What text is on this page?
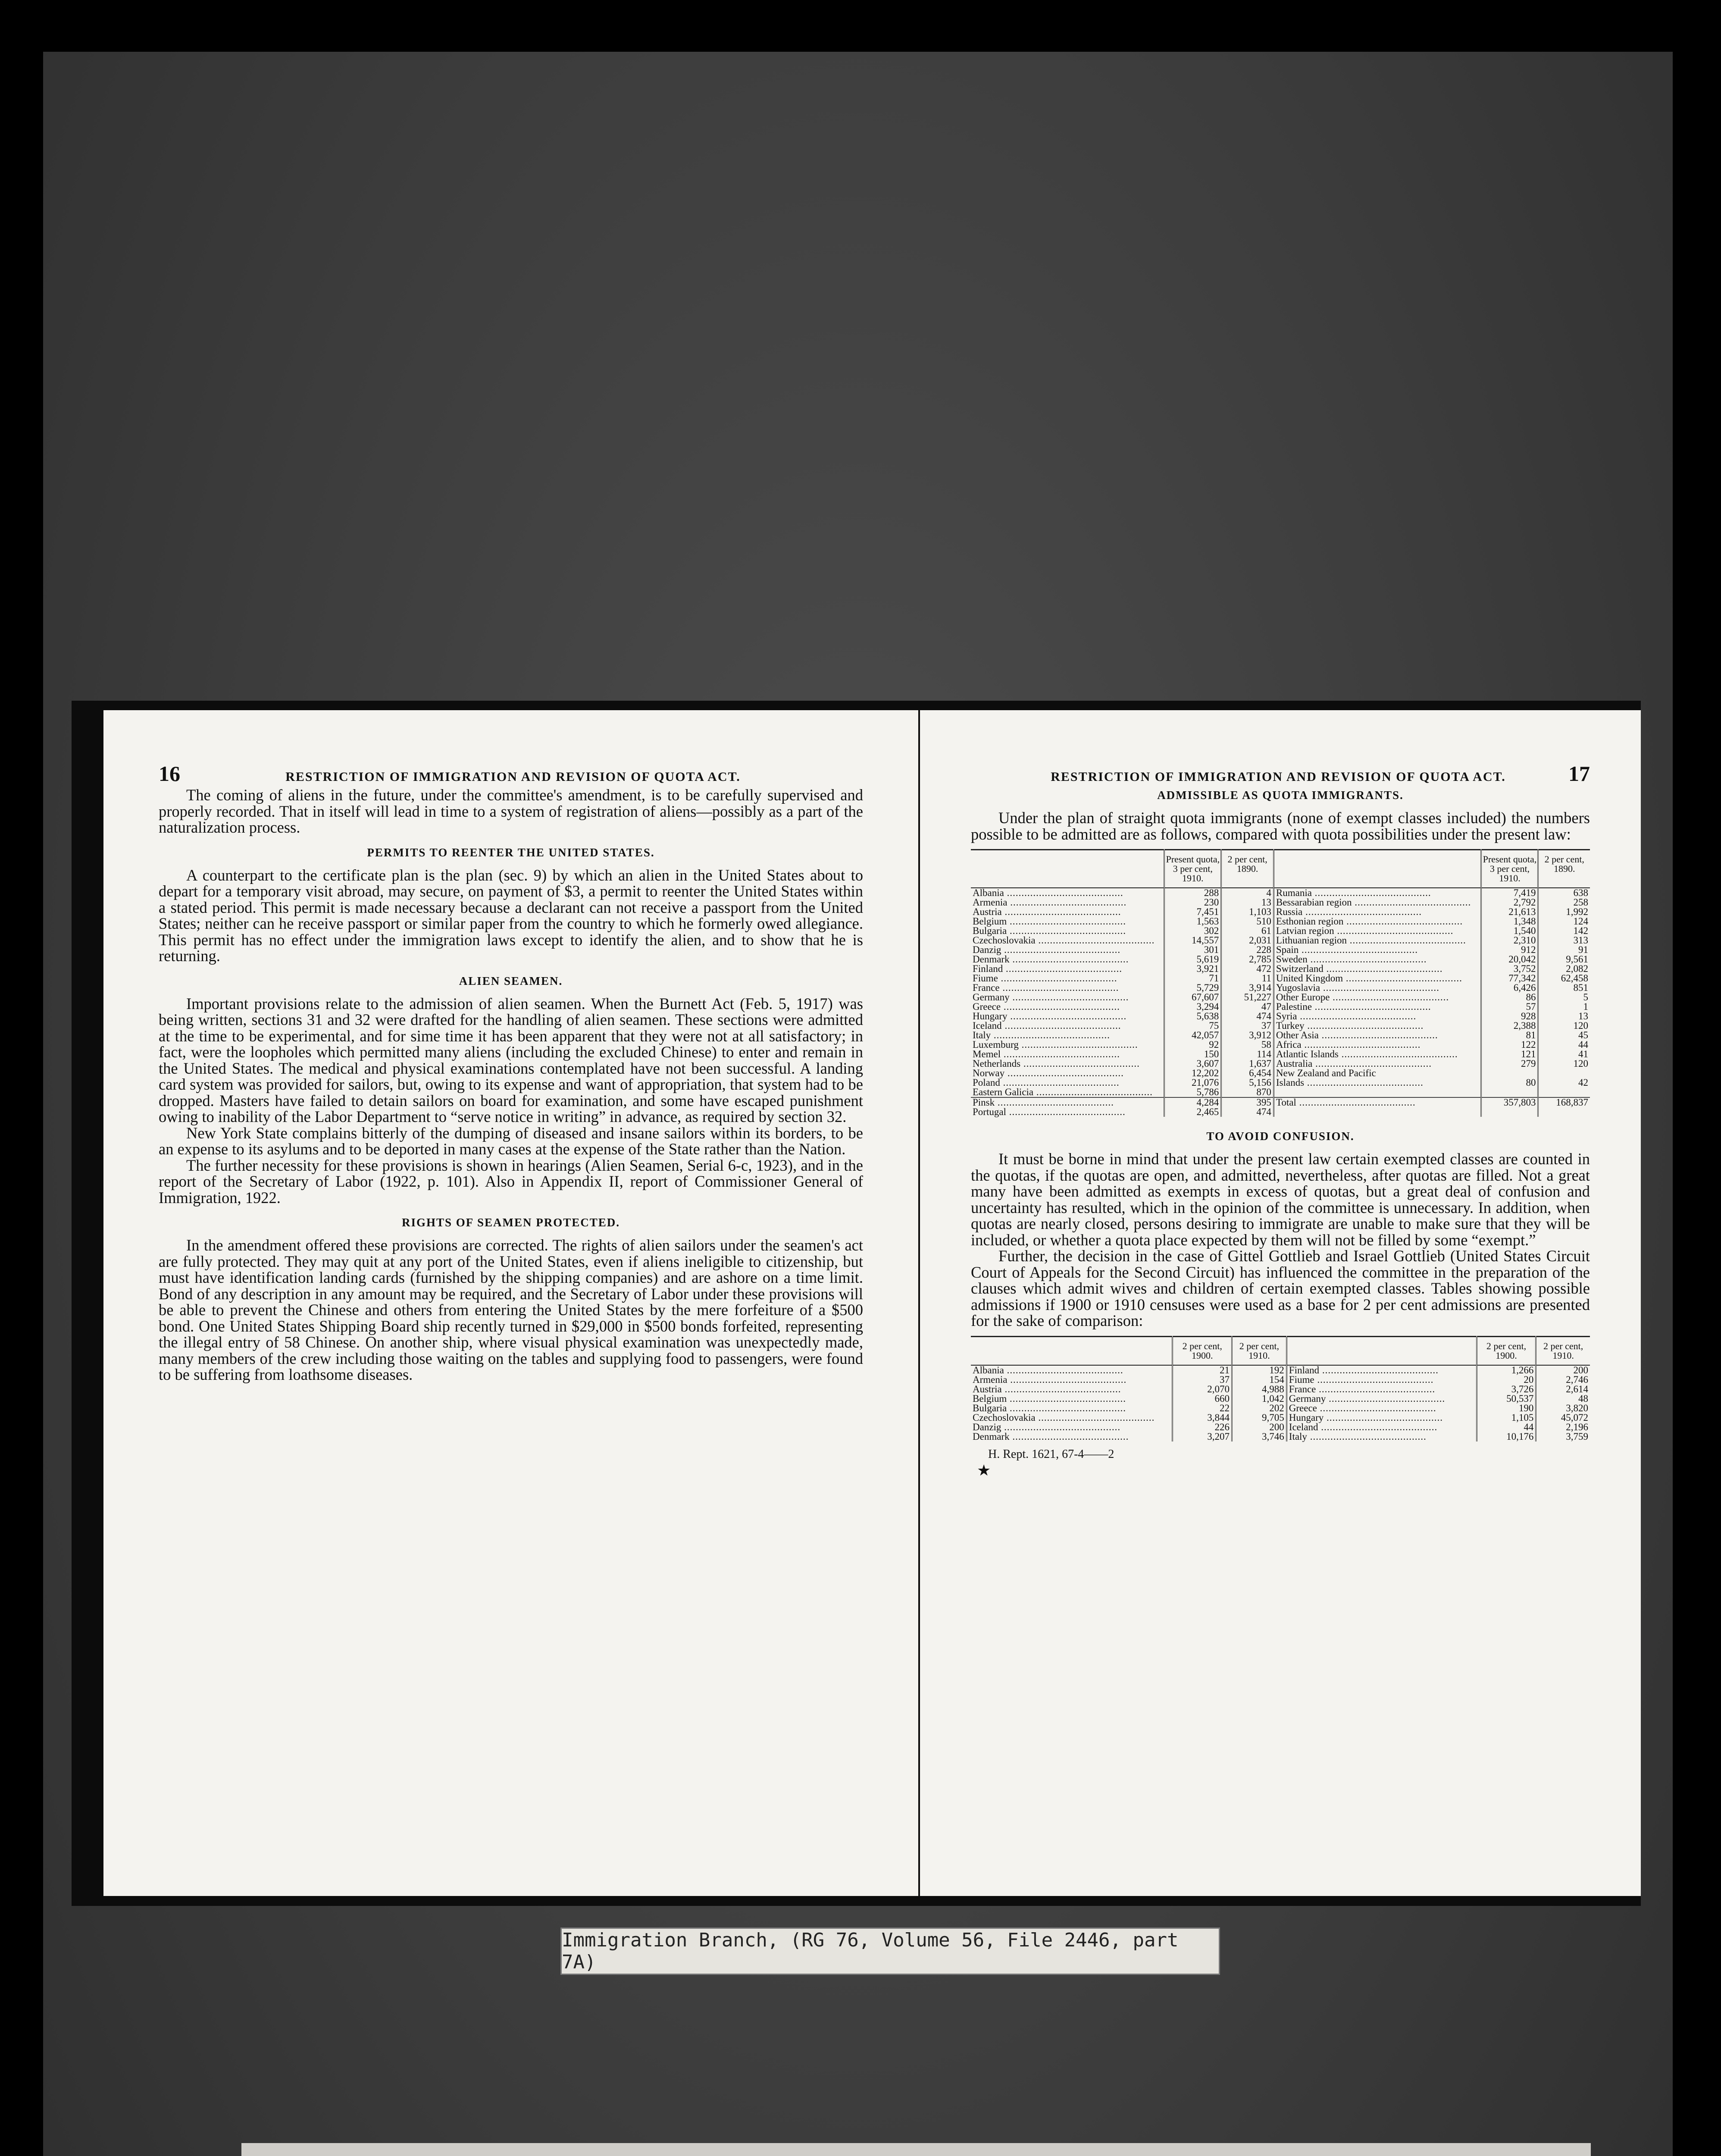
16	RESTRICTION OF IMMIGRATION AND REVISION OF QUOTA ACT.

The coming of aliens in the future, under the committee's amendment, is to be carefully supervised and properly recorded. That in itself will lead in time to a system of registration of aliens—possibly as a part of the naturalization process.

PERMITS TO REENTER THE UNITED STATES.

A counterpart to the certificate plan is the plan (sec. 9) by which an alien in the United States about to depart for a temporary visit abroad, may secure, on payment of $3, a permit to reenter the United States within a stated period. This permit is made necessary because a declarant can not receive a passport from the United States; neither can he receive passport or similar paper from the country to which he formerly owed allegiance. This permit has no effect under the immigration laws except to identify the alien, and to show that he is returning.

ALIEN SEAMEN.

Important provisions relate to the admission of alien seamen. When the Burnett Act (Feb. 5, 1917) was being written, sections 31 and 32 were drafted for the handling of alien seamen. These sections were admitted at the time to be experimental, and for sime time it has been apparent that they were not at all satisfactory; in fact, were the loopholes which permitted many aliens (including the excluded Chinese) to enter and remain in the United States. The medical and physical examinations contemplated have not been successful. A landing card system was provided for sailors, but, owing to its expense and want of appropriation, that system had to be dropped. Masters have failed to detain sailors on board for examination, and some have escaped punishment owing to inability of the Labor Department to “serve notice in writing” in advance, as required by section 32.

New York State complains bitterly of the dumping of diseased and insane sailors within its borders, to be an expense to its asylums and to be deported in many cases at the expense of the State rather than the Nation.

The further necessity for these provisions is shown in hearings (Alien Seamen, Serial 6-c, 1923), and in the report of the Secretary of Labor (1922, p. 101). Also in Appendix II, report of Commissioner General of Immigration, 1922.

RIGHTS OF SEAMEN PROTECTED.

In the amendment offered these provisions are corrected. The rights of alien sailors under the seamen's act are fully protected. They may quit at any port of the United States, even if aliens ineligible to citizenship, but must have identification landing cards (furnished by the shipping companies) and are ashore on a time limit. Bond of any description in any amount may be required, and the Secretary of Labor under these provisions will be able to prevent the Chinese and others from entering the United States by the mere forfeiture of a $500 bond. One United States Shipping Board ship recently turned in $29,000 in $500 bonds forfeited, representing the illegal entry of 58 Chinese. On another ship, where visual physical examination was unexpectedly made, many members of the crew including those waiting on the tables and supplying food to passengers, were found to be suffering from loathsome diseases.

RESTRICTION OF IMMIGRATION AND REVISION OF QUOTA ACT.	17
ADMISSIBLE AS QUOTA IMMIGRANTS.

Under the plan of straight quota immigrants (none of exempt classes included) the numbers possible to be admitted are as follows, compared with quota possibilities under the present law:

	Present quota, 3 per cent, 1910.	2 per cent, 1890.		Present quota, 3 per cent, 1910.	2 per cent, 1890.
Albania .....	288	4	Rumania .....	7,419	638
Armenia .....	230	13	Bessarabian region .....	2,792	258
Austria .....	7,451	1,103	Russia .....	21,613	1,992
Belgium .....	1,563	510	Esthonian region .....	1,348	124
Bulgaria .....	302	61	Latvian region .....	1,540	142
Czechoslovakia .....	14,557	2,031	Lithuanian region .....	2,310	313
Danzig .....	301	228	Spain .....	912	91
Denmark .....	5,619	2,785	Sweden .....	20,042	9,561
Finland .....	3,921	472	Switzerland .....	3,752	2,082
Fiume .....	71	11	United Kingdom .....	77,342	62,458
France .....	5,729	3,914	Yugoslavia .....	6,426	851
Germany .....	67,607	51,227	Other Europe .....	86	5
Greece .....	3,294	47	Palestine .....	57	1
Hungary .....	5,638	474	Syria .....	928	13
Iceland .....	75	37	Turkey .....	2,388	120
Italy .....	42,057	3,912	Other Asia .....	81	45
Luxemburg .....	92	58	Africa .....	122	44
Memel .....	150	114	Atlantic Islands .....	121	41
Netherlands .....	3,607	1,637	Australia .....	279	120
Norway .....	12,202	6,454	New Zealand and Pacific		
Poland .....	21,076	5,156	Islands .....	80	42
Eastern Galicia .....	5,786	870			
Pinsk .....	4,284	395	Total .....	357,803	168,837
Portugal .....	2,465	474			
TO AVOID CONFUSION.

It must be borne in mind that under the present law certain exempted classes are counted in the quotas, if the quotas are open, and admitted, nevertheless, after quotas are filled. Not a great many have been admitted as exempts in excess of quotas, but a great deal of confusion and uncertainty has resulted, which in the opinion of the committee is unnecessary. In addition, when quotas are nearly closed, persons desiring to immigrate are unable to make sure that they will be included, or whether a quota place expected by them will not be filled by some “exempt.”

Further, the decision in the case of Gittel Gottlieb and Israel Gottlieb (United States Circuit Court of Appeals for the Second Circuit) has influenced the committee in the preparation of the clauses which admit wives and children of certain exempted classes. Tables showing possible admissions if 1900 or 1910 censuses were used as a base for 2 per cent admissions are presented for the sake of comparison:

	2 per cent, 1900.	2 per cent, 1910.		2 per cent, 1900.	2 per cent, 1910.
Albania .....	21	192	Finland .....	1,266	200
Armenia .....	37	154	Fiume .....	20	2,746
Austria .....	2,070	4,988	France .....	3,726	2,614
Belgium .....	660	1,042	Germany .....	50,537	48
Bulgaria .....	22	202	Greece .....	190	3,820
Czechoslovakia .....	3,844	9,705	Hungary .....	1,105	45,072
Danzig .....	226	200	Iceland .....	44	2,196
Denmark .....	3,207	3,746	Italy .....	10,176	3,759
H. Rept. 1621, 67-4——2
★
Immigration Branch, (RG 76, Volume 56, File 2446, part 7A)
